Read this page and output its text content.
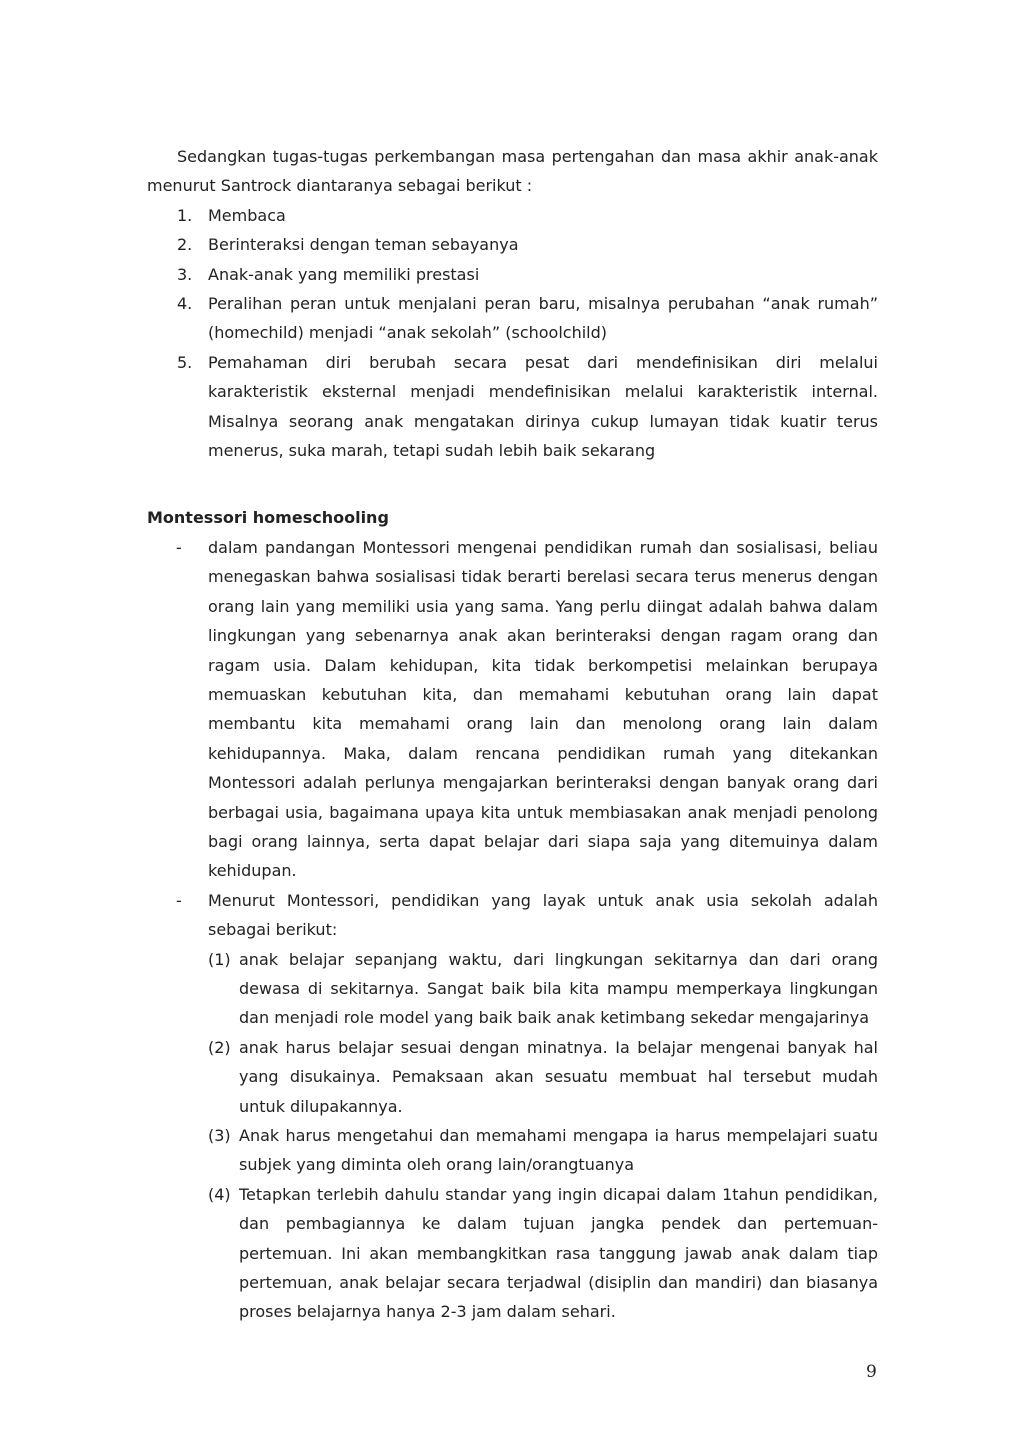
Sedangkan tugas-tugas perkembangan masa pertengahan dan masa akhir anak-anak menurut Santrock diantaranya sebagai berikut :

1. Membaca
2. Berinteraksi dengan teman sebayanya
3. Anak-anak yang memiliki prestasi
4. Peralihan peran untuk menjalani peran baru, misalnya perubahan “anak rumah” (homechild) menjadi “anak sekolah” (schoolchild)
5. Pemahaman diri berubah secara pesat dari mendefinisikan diri melalui karakteristik eksternal menjadi mendefinisikan melalui karakteristik internal. Misalnya seorang anak mengatakan dirinya cukup lumayan tidak kuatir terus menerus, suka marah, tetapi sudah lebih baik sekarang
Montessori homeschooling
- dalam pandangan Montessori mengenai pendidikan rumah dan sosialisasi, beliau menegaskan bahwa sosialisasi tidak berarti berelasi secara terus menerus dengan orang lain yang memiliki usia yang sama. Yang perlu diingat adalah bahwa dalam lingkungan yang sebenarnya anak akan berinteraksi dengan ragam orang dan ragam usia. Dalam kehidupan, kita tidak berkompetisi melainkan berupaya memuaskan kebutuhan kita, dan memahami kebutuhan orang lain dapat membantu kita memahami orang lain dan menolong orang lain dalam kehidupannya. Maka, dalam rencana pendidikan rumah yang ditekankan Montessori adalah perlunya mengajarkan berinteraksi dengan banyak orang dari berbagai usia, bagaimana upaya kita untuk membiasakan anak menjadi penolong bagi orang lainnya, serta dapat belajar dari siapa saja yang ditemuinya dalam kehidupan.
- Menurut Montessori, pendidikan yang layak untuk anak usia sekolah adalah sebagai berikut:
(1) anak belajar sepanjang waktu, dari lingkungan sekitarnya dan dari orang dewasa di sekitarnya. Sangat baik bila kita mampu memperkaya lingkungan dan menjadi role model yang baik baik anak ketimbang sekedar mengajarinya
(2) anak harus belajar sesuai dengan minatnya. Ia belajar mengenai banyak hal yang disukainya. Pemaksaan akan sesuatu membuat hal tersebut mudah untuk dilupakannya.
(3) Anak harus mengetahui dan memahami mengapa ia harus mempelajari suatu subjek yang diminta oleh orang lain/orangtuanya
(4) Tetapkan terlebih dahulu standar yang ingin dicapai dalam 1tahun pendidikan, dan pembagiannya ke dalam tujuan jangka pendek dan pertemuan-pertemuan. Ini akan membangkitkan rasa tanggung jawab anak dalam tiap pertemuan, anak belajar secara terjadwal (disiplin dan mandiri) dan biasanya proses belajarnya hanya 2-3 jam dalam sehari.
9
